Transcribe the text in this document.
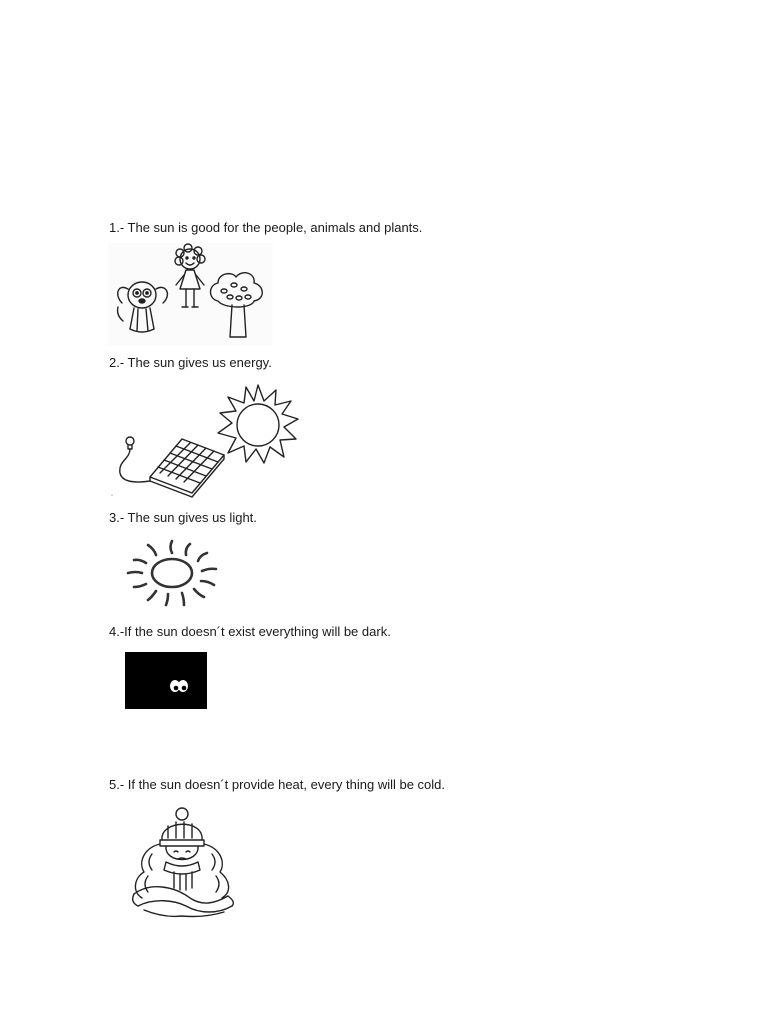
1.- The sun is good for the people, animals and plants.
2.- The sun gives us energy.
3.- The sun gives us light.
4.-If the sun doesn´t exist everything will be dark.
5.- If the sun doesn´t provide heat, every thing will be cold.
